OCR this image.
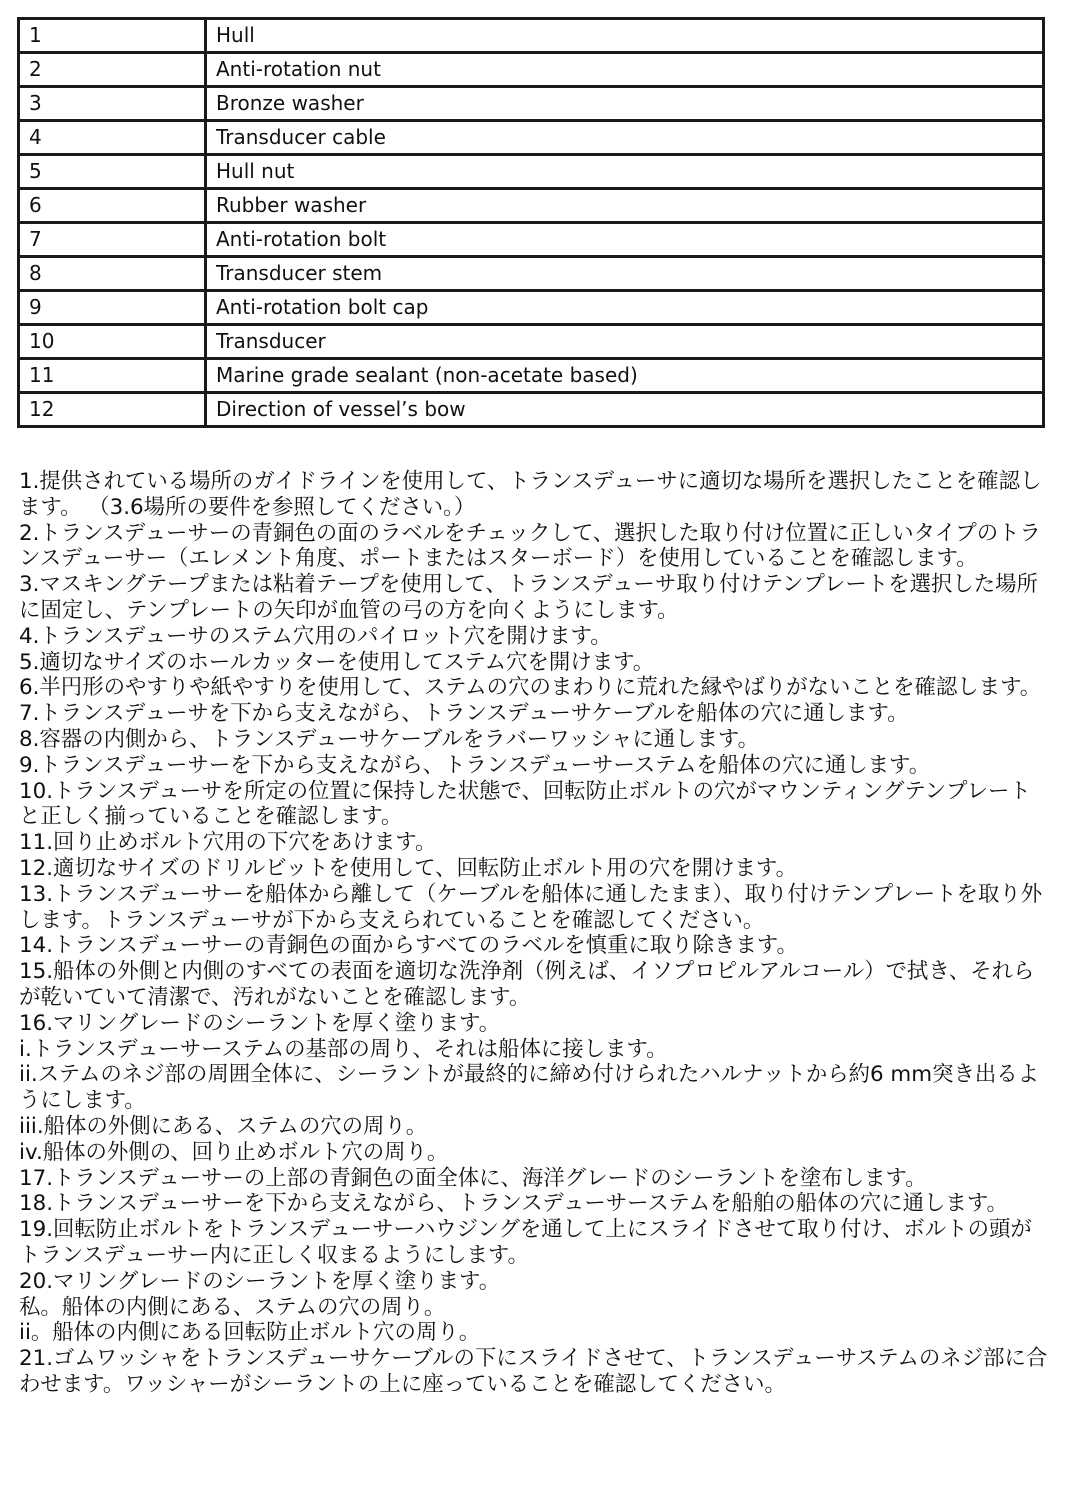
1	Hull
2	Anti-rotation nut
3	Bronze washer
4	Transducer cable
5	Hull nut
6	Rubber washer
7	Anti-rotation bolt
8	Transducer stem
9	Anti-rotation bolt cap
10	Transducer
11	Marine grade sealant (non-acetate based)
12	Direction of vessel’s bow

1.提供されている場所のガイドラインを使用して、トランスデューサに適切な場所を選択したことを確認します。 （3.6場所の要件を参照してください。）

2.トランスデューサーの青銅色の面のラベルをチェックして、選択した取り付け位置に正しいタイプのトランスデューサー（エレメント角度、ポートまたはスターボード）を使用していることを確認します。

3.マスキングテープまたは粘着テープを使用して、トランスデューサ取り付けテンプレートを選択した場所に固定し、テンプレートの矢印が血管の弓の方を向くようにします。

4.トランスデューサのステム穴用のパイロット穴を開けます。

5.適切なサイズのホールカッターを使用してステム穴を開けます。

6.半円形のやすりや紙やすりを使用して、ステムの穴のまわりに荒れた縁やばりがないことを確認します。

7.トランスデューサを下から支えながら、トランスデューサケーブルを船体の穴に通します。

8.容器の内側から、トランスデューサケーブルをラバーワッシャに通します。

9.トランスデューサーを下から支えながら、トランスデューサーステムを船体の穴に通します。

10.トランスデューサを所定の位置に保持した状態で、回転防止ボルトの穴がマウンティングテンプレートと正しく揃っていることを確認します。

11.回り止めボルト穴用の下穴をあけます。

12.適切なサイズのドリルビットを使用して、回転防止ボルト用の穴を開けます。

13.トランスデューサーを船体から離して（ケーブルを船体に通したまま）、取り付けテンプレートを取り外します。トランスデューサが下から支えられていることを確認してください。

14.トランスデューサーの青銅色の面からすべてのラベルを慎重に取り除きます。

15.船体の外側と内側のすべての表面を適切な洗浄剤（例えば、イソプロピルアルコール）で拭き、それらが乾いていて清潔で、汚れがないことを確認します。

16.マリングレードのシーラントを厚く塗ります。

i.トランスデューサーステムの基部の周り、それは船体に接します。

ii.ステムのネジ部の周囲全体に、シーラントが最終的に締め付けられたハルナットから約6 mm突き出るようにします。

iii.船体の外側にある、ステムの穴の周り。

iv.船体の外側の、回り止めボルト穴の周り。

17.トランスデューサーの上部の青銅色の面全体に、海洋グレードのシーラントを塗布します。

18.トランスデューサーを下から支えながら、トランスデューサーステムを船舶の船体の穴に通します。

19.回転防止ボルトをトランスデューサーハウジングを通して上にスライドさせて取り付け、ボルトの頭がトランスデューサー内に正しく収まるようにします。

20.マリングレードのシーラントを厚く塗ります。

私。船体の内側にある、ステムの穴の周り。

ii。船体の内側にある回転防止ボルト穴の周り。

21.ゴムワッシャをトランスデューサケーブルの下にスライドさせて、トランスデューサステムのネジ部に合わせます。ワッシャーがシーラントの上に座っていることを確認してください。
